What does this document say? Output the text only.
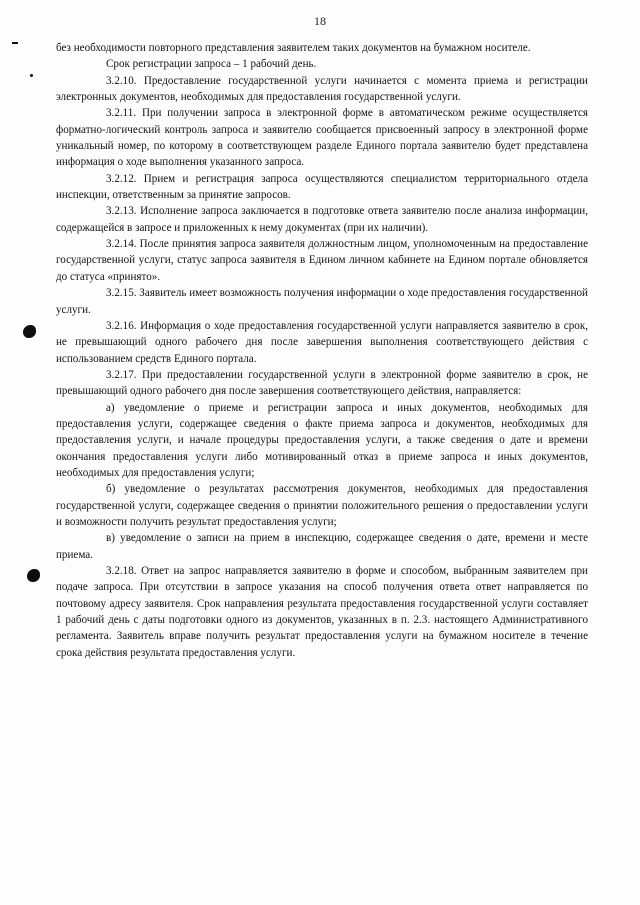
18

без необходимости повторного представления заявителем таких документов на бумажном носителе.

Срок регистрации запроса – 1 рабочий день.

3.2.10. Предоставление государственной услуги начинается с момента приема и регистрации электронных документов, необходимых для предоставления государственной услуги.

3.2.11. При получении запроса в электронной форме в автоматическом режиме осуществляется форматно-логический контроль запроса и заявителю сообщается присвоенный запросу в электронной форме уникальный номер, по которому в соответствующем разделе Единого портала заявителю будет представлена информация о ходе выполнения указанного запроса.

3.2.12. Прием и регистрация запроса осуществляются специалистом территориального отдела инспекции, ответственным за принятие запросов.

3.2.13. Исполнение запроса заключается в подготовке ответа заявителю после анализа информации, содержащейся в запросе и приложенных к нему документах (при их наличии).

3.2.14. После принятия запроса заявителя должностным лицом, уполномоченным на предоставление государственной услуги, статус запроса заявителя в Едином личном кабинете на Едином портале обновляется до статуса «принято».

3.2.15. Заявитель имеет возможность получения информации о ходе предоставления государственной услуги.

3.2.16. Информация о ходе предоставления государственной услуги направляется заявителю в срок, не превышающий одного рабочего дня после завершения выполнения соответствующего действия с использованием средств Единого портала.

3.2.17. При предоставлении государственной услуги в электронной форме заявителю в срок, не превышающий одного рабочего дня после завершения соответствующего действия, направляется:

а) уведомление о приеме и регистрации запроса и иных документов, необходимых для предоставления услуги, содержащее сведения о факте приема запроса и документов, необходимых для предоставления услуги, и начале процедуры предоставления услуги, а также сведения о дате и времени окончания предоставления услуги либо мотивированный отказ в приеме запроса и иных документов, необходимых для предоставления услуги;

б) уведомление о результатах рассмотрения документов, необходимых для предоставления государственной услуги, содержащее сведения о принятии положительного решения о предоставлении услуги и возможности получить результат предоставления услуги;

в) уведомление о записи на прием в инспекцию, содержащее сведения о дате, времени и месте приема.

3.2.18. Ответ на запрос направляется заявителю в форме и способом, выбранным заявителем при подаче запроса. При отсутствии в запросе указания на способ получения ответа ответ направляется по почтовому адресу заявителя. Срок направления результата предоставления государственной услуги составляет 1 рабочий день с даты подготовки одного из документов, указанных в п. 2.3. настоящего Административного регламента. Заявитель вправе получить результат предоставления услуги на бумажном носителе в течение срока действия результата предоставления услуги.
